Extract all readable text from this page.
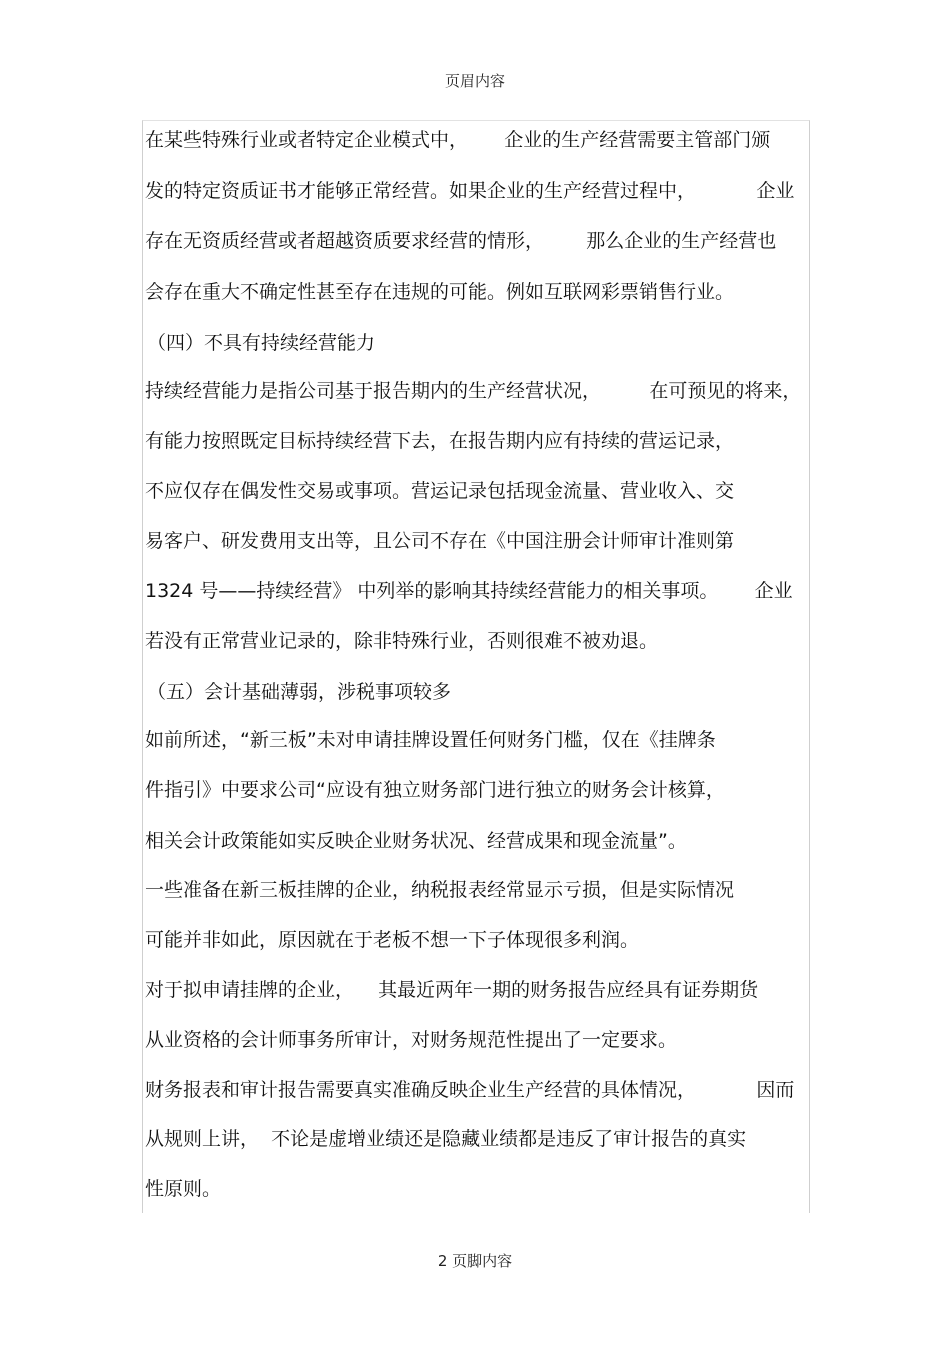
页眉内容
在某些特殊行业或者特定企业模式中，      企业的生产经营需要主管部门颁
发的特定资质证书才能够正常经营。如果企业的生产经营过程中，          企业
存在无资质经营或者超越资质要求经营的情形，       那么企业的生产经营也
会存在重大不确定性甚至存在违规的可能。例如互联网彩票销售行业。
（四）不具有持续经营能力
持续经营能力是指公司基于报告期内的生产经营状况，        在可预见的将来，
有能力按照既定目标持续经营下去，在报告期内应有持续的营运记录，
不应仅存在偶发性交易或事项。营运记录包括现金流量、营业收入、交
易客户、研发费用支出等，且公司不存在《中国注册会计师审计准则第
1324 号——持续经营》 中列举的影响其持续经营能力的相关事项。      企业
若没有正常营业记录的，除非特殊行业，否则很难不被劝退。
（五）会计基础薄弱，涉税事项较多
如前所述，“新三板”未对申请挂牌设置任何财务门槛，仅在《挂牌条
件指引》中要求公司“应设有独立财务部门进行独立的财务会计核算，
相关会计政策能如实反映企业财务状况、经营成果和现金流量”。
一些准备在新三板挂牌的企业，纳税报表经常显示亏损，但是实际情况
可能并非如此，原因就在于老板不想一下子体现很多利润。
对于拟申请挂牌的企业，    其最近两年一期的财务报告应经具有证券期货
从业资格的会计师事务所审计，对财务规范性提出了一定要求。
财务报表和审计报告需要真实准确反映企业生产经营的具体情况，          因而
从规则上讲，  不论是虚增业绩还是隐藏业绩都是违反了审计报告的真实
性原则。
2 页脚内容
